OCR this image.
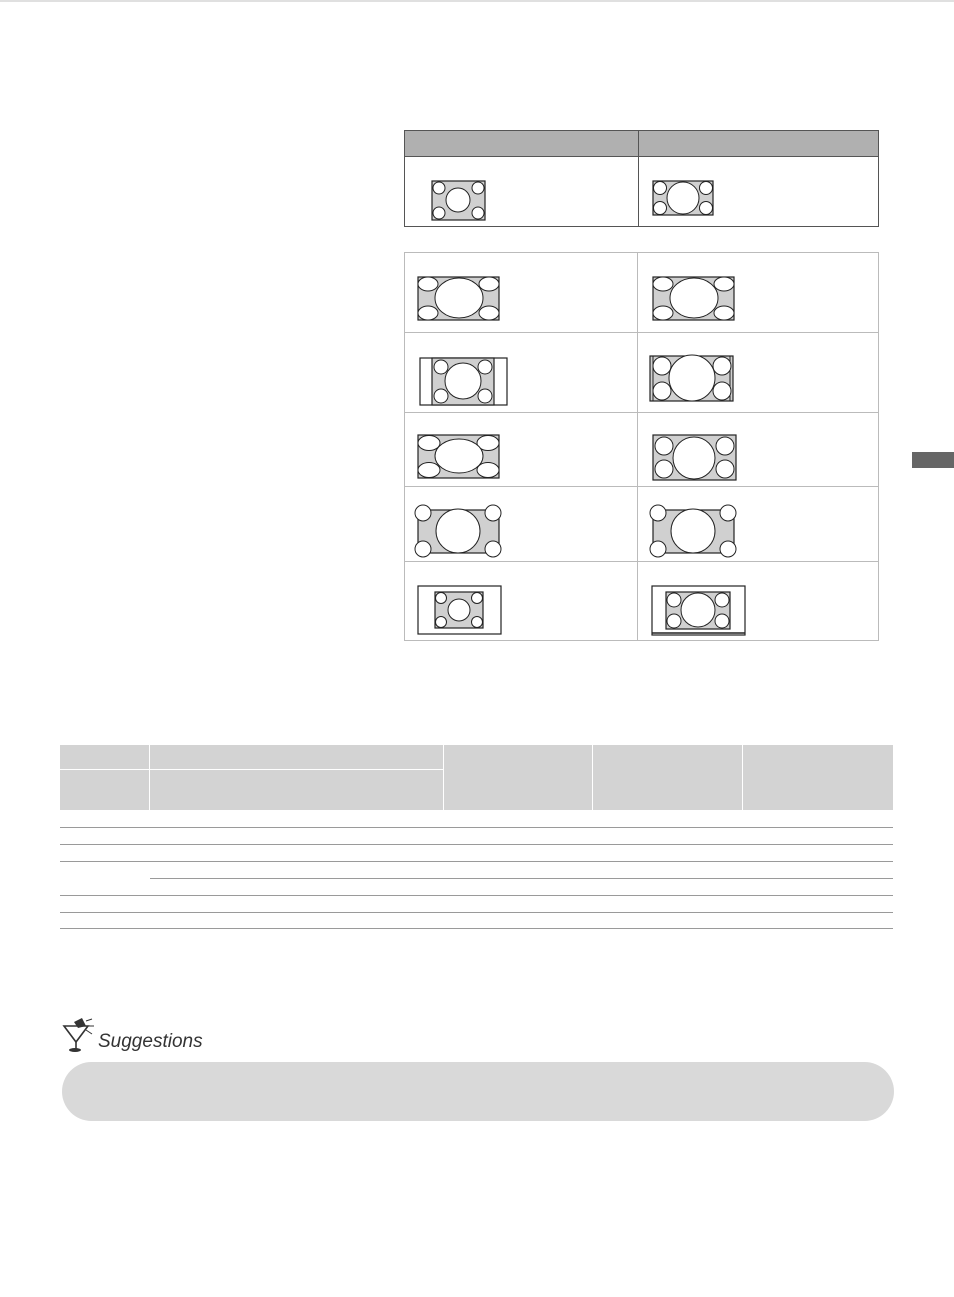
Suggestions
